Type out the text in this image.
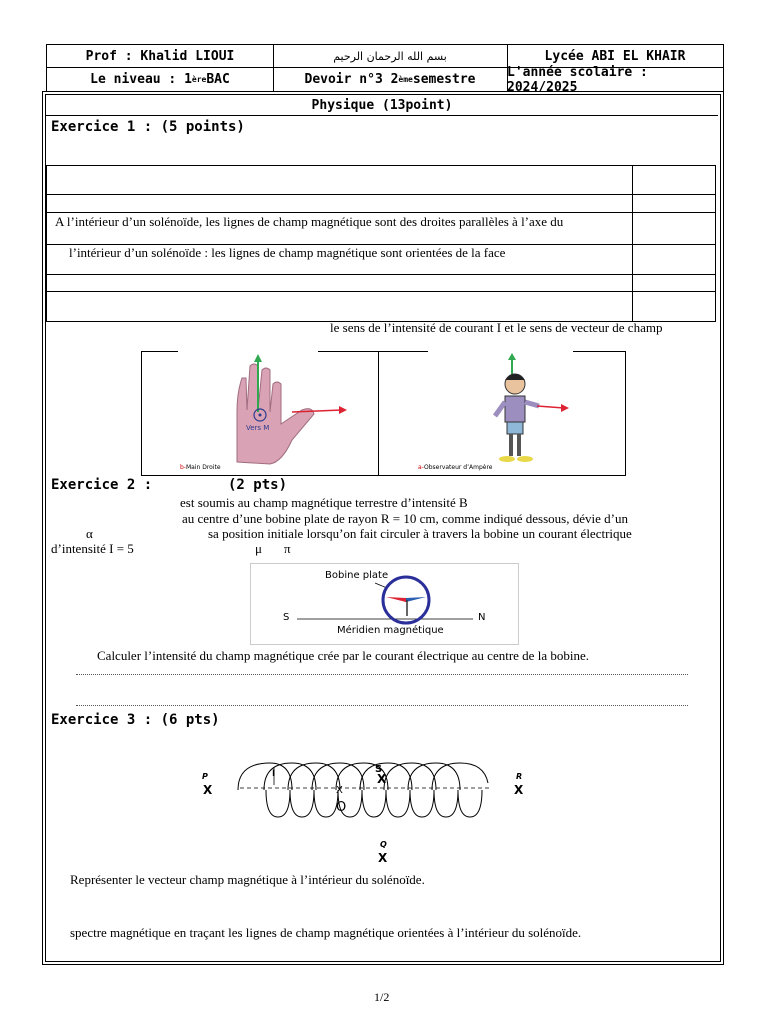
Prof : Khalid LIOUI	بسم الله الرحمان الرحيم	Lycée ABI EL KHAIR
Le niveau : 1 ère BAC	Devoir n°3 2 ème semestre L'année scolaire : 2024/2025
Physique (13point)
Exercice 1 : (5 points)
A l’intérieur d’un solénoïde, les lignes de champ magnétique sont des droites parallèles à l’axe du
l’intérieur d’un solénoïde : les lignes de champ magnétique sont orientées de la face
le sens de l’intensité de courant I et le sens de vecteur de champ
Vers M
b-Main Droite	a-Observateur d’Ampère
Exercice 2 :	(2 pts)
est soumis au champ magnétique terrestre d’intensité B
au centre d’une bobine plate de rayon R = 10 cm, comme indiqué dessous, dévie d’un
α	sa position initiale lorsqu’on fait circuler à travers la bobine un courant électrique
d’intensité I = 5	μ π
Bobine plate
S	N
Méridien magnétique
Calculer l’intensité du champ magnétique crée par le courant électrique au centre de la bobine.
Exercice 3 : (6 pts)
P
X
R
X
S
X
I
X
O
Q
X
Représenter le vecteur champ magnétique à l’intérieur du solénoïde.
spectre magnétique en traçant les lignes de champ magnétique orientées à l’intérieur du solénoïde.
1/2
